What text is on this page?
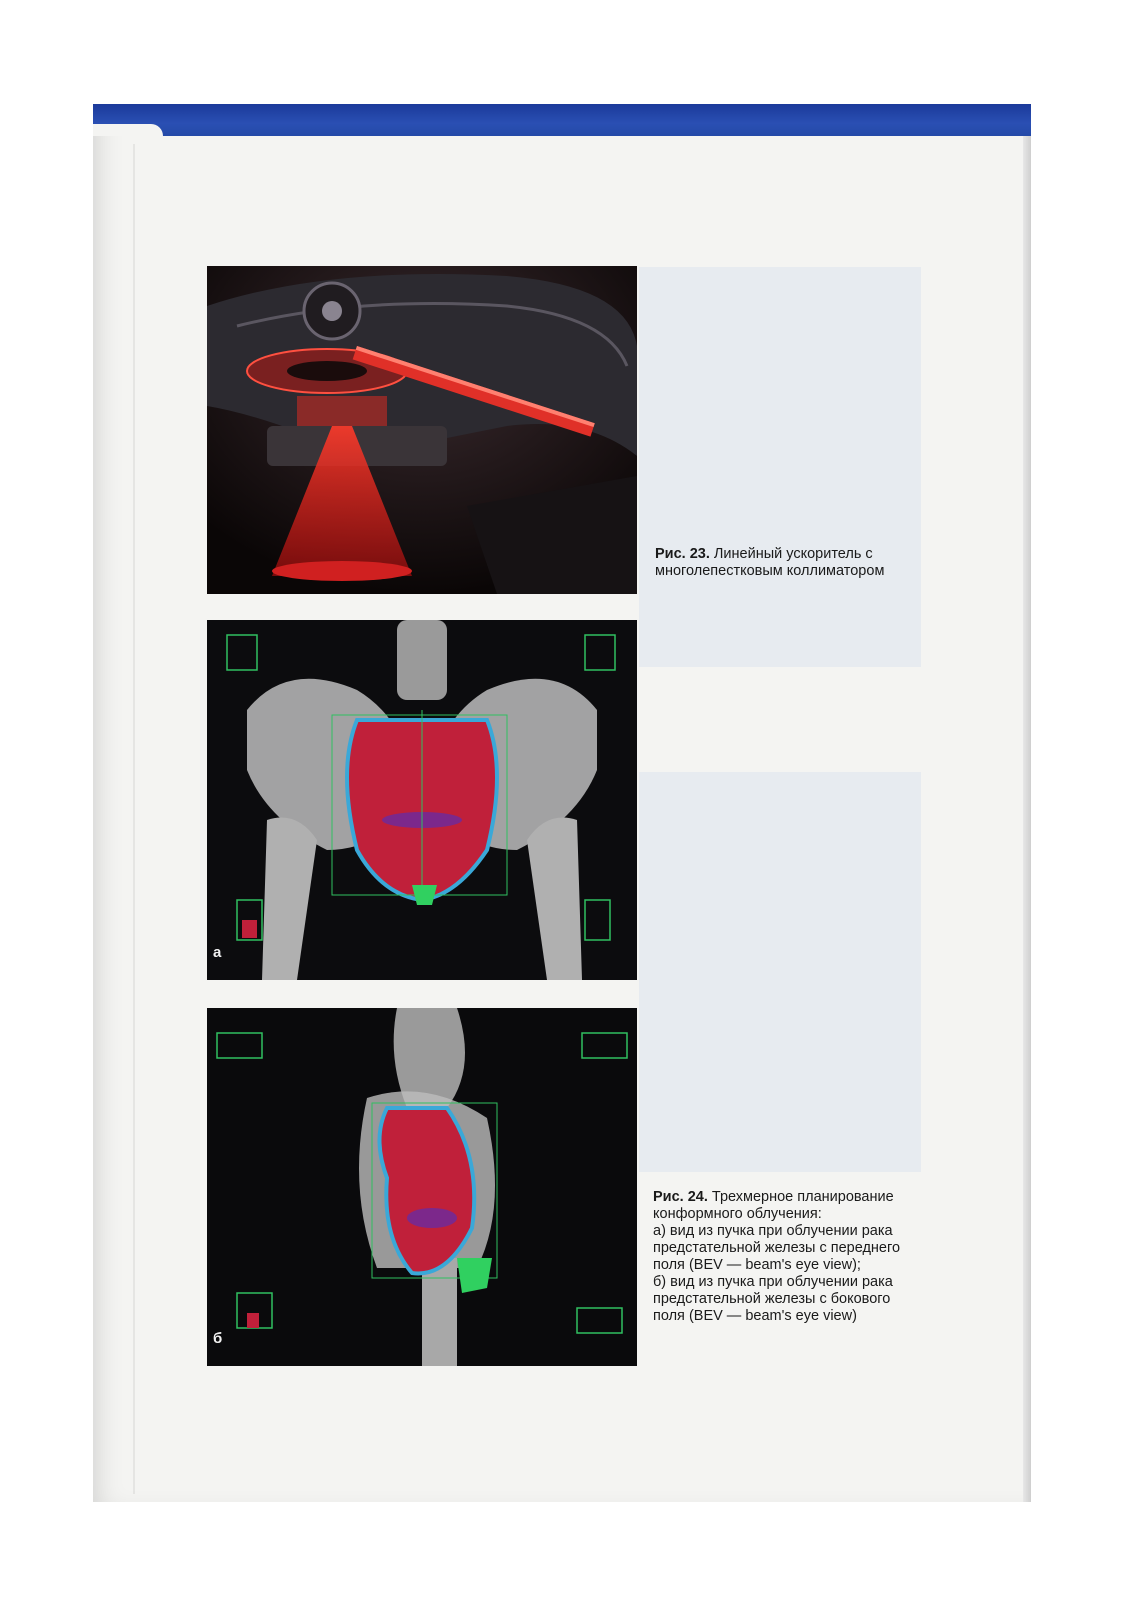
а
б

Рис. 23. Линейный ускоритель с многолепестковым коллиматором

Рис. 24. Трехмерное планирование конформного облучения:

а) вид из пучка при облучении рака предстательной железы с переднего поля (BEV — beam's eye view);

б) вид из пучка при облучении рака предстательной железы с бокового поля (BEV — beam's eye view)
